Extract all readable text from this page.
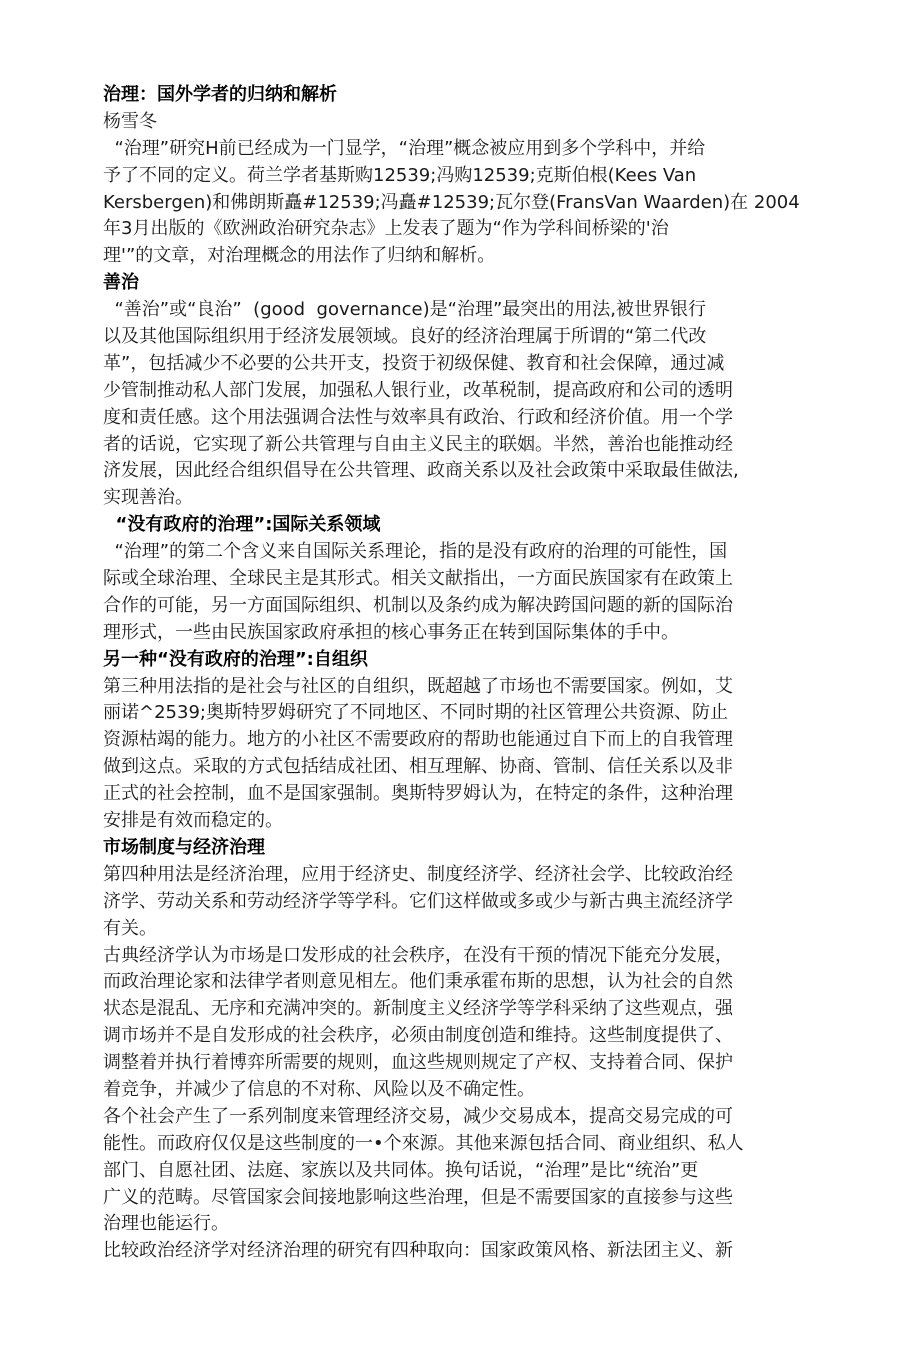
治理：国外学者的归纳和解析
杨雪冬
“治理”研究H前已经成为一门显学，“治理”概念被应用到多个学科中，并给
予了不同的定义。荷兰学者基斯购12539;冯购12539;克斯伯根(Kees Van
Kersbergen)和佛朗斯矗#12539;冯矗#12539;瓦尔登(FransVan Waarden)在 2004
年3月出版的《欧洲政治研究杂志》上发表了题为“作为学科间桥梁的'治
理'”的文章，对治理概念的用法作了归纳和解析。
善治
“善治”或“良治”  (good  governance)是“治理”最突出的用法,被世界银行
以及其他国际组织用于经济发展领域。良好的经济治理属于所谓的“第二代改
革”，包括减少不必要的公共开支，投资于初级保健、教育和社会保障，通过减
少管制推动私人部门发展，加强私人银行业，改革税制，提高政府和公司的透明
度和责任感。这个用法强调合法性与效率具有政治、行政和经济价值。用一个学
者的话说，它实现了新公共管理与自由主义民主的联姻。半然，善治也能推动经
济发展，因此经合组织倡导在公共管理、政商关系以及社会政策中采取最佳做法,
实现善治。
“没有政府的治理”:国际关系领域
“治理”的第二个含义来自国际关系理论，指的是没有政府的治理的可能性，国
际或全球治理、全球民主是其形式。相关文献指出，一方面民族国家有在政策上
合作的可能，另一方面国际组织、机制以及条约成为解决跨国问题的新的国际治
理形式，一些由民族国家政府承担的核心事务正在转到国际集体的手中。
另一种“没有政府的治理”:自组织
第三种用法指的是社会与社区的自组织，既超越了市场也不需要国家。例如，艾
丽诺^2539;奥斯特罗姆研究了不同地区、不同时期的社区管理公共资源、防止
资源枯竭的能力。地方的小社区不需要政府的帮助也能通过自下而上的自我管理
做到这点。采取的方式包括结成社团、相互理解、协商、管制、信任关系以及非
正式的社会控制，血不是国家强制。奥斯特罗姆认为，在特定的条件，这种治理
安排是有效而稳定的。
市场制度与经济治理
第四种用法是经济治理，应用于经济史、制度经济学、经济社会学、比较政治经
济学、劳动关系和劳动经济学等学科。它们这样做或多或少与新古典主流经济学
有关。
古典经济学认为市场是口发形成的社会秩序，在没有干预的情况下能充分发展，
而政治理论家和法律学者则意见相左。他们秉承霍布斯的思想，认为社会的自然
状态是混乱、无序和充满冲突的。新制度主义经济学等学科采纳了这些观点，强
调市场并不是自发形成的社会秩序，必须由制度创造和维持。这些制度提供了、
调整着并执行着博弈所需要的规则，血这些规则规定了产权、支持着合同、保护
着竞争，并减少了信息的不对称、风险以及不确定性。
各个社会产生了一系列制度来管理经济交易，减少交易成本，提高交易完成的可
能性。而政府仅仅是这些制度的一•个來源。其他来源包括合同、商业组织、私人
部门、自愿社团、法庭、家族以及共同体。换句话说，“治理”是比“统治”更
广义的范畴。尽管国家会间接地影响这些治理，但是不需要国家的直接参与这些
治理也能运行。
比较政治经济学对经济治理的研究有四种取向：国家政策风格、新法团主义、新
